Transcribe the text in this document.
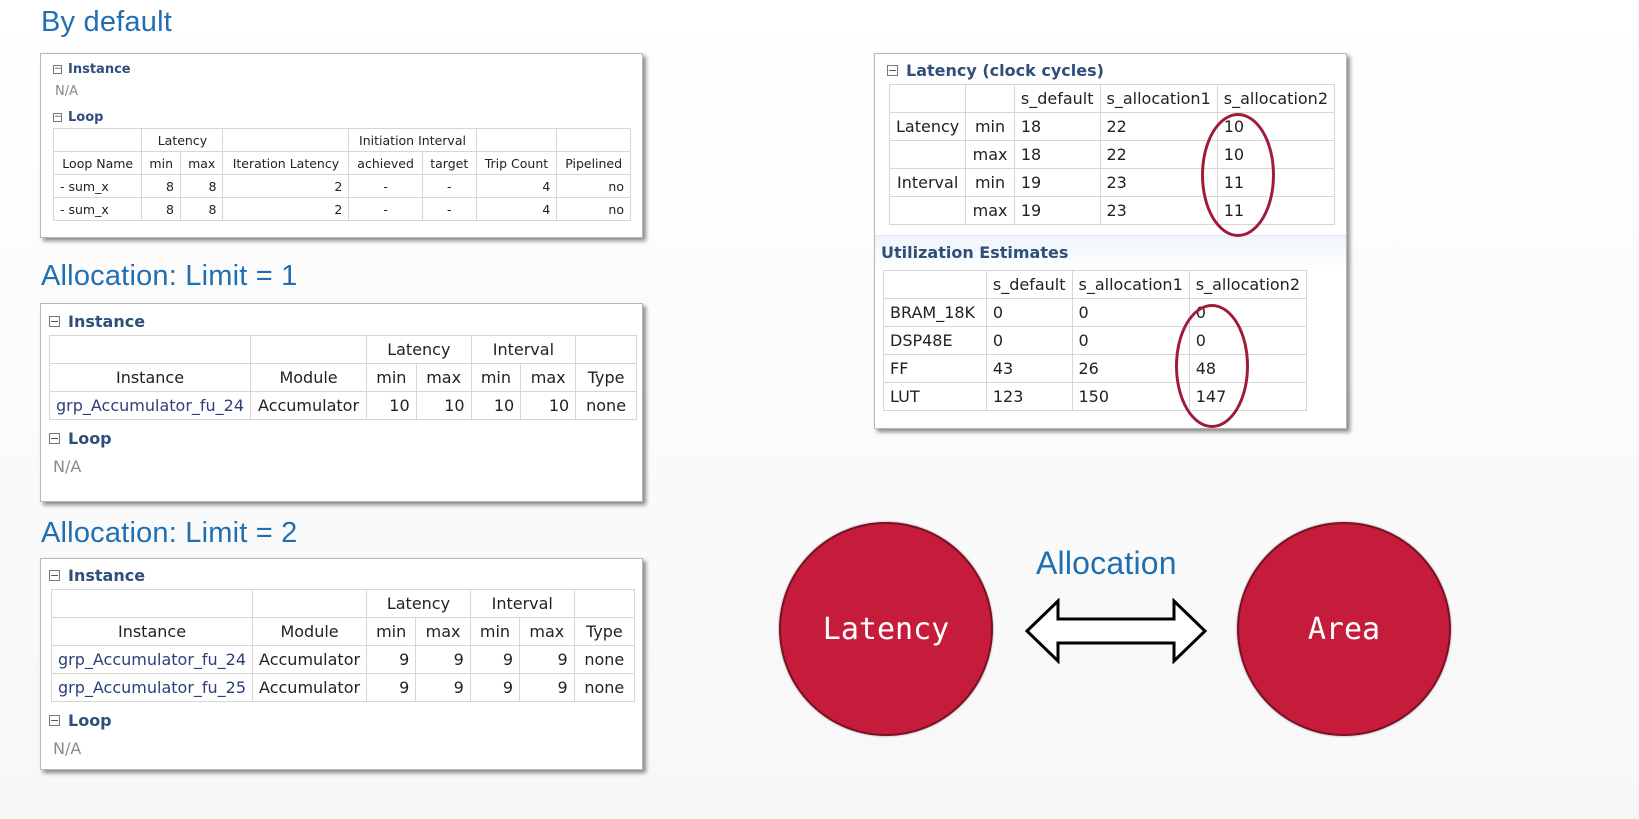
By default
− Instance
N/A
− Loop
	Latency			Initiation Interval			
Loop Name	min	max	Iteration Latency	achieved	target	Trip Count	Pipelined
- sum_x	8	8	2	-	-	4	no
- sum_x	8	8	2	-	-	4	no
Allocation: Limit = 1
− Instance
		Latency		Interval		
Instance	Module	min	max	min	max	Type
grp_Accumulator_fu_24	Accumulator	10	10	10	10	none
− Loop
N/A
Allocation: Limit = 2
− Instance
		Latency		Interval		
Instance	Module	min	max	min	max	Type
grp_Accumulator_fu_24	Accumulator	9	9	9	9	none
grp_Accumulator_fu_25	Accumulator	9	9	9	9	none
− Loop
N/A
− Latency (clock cycles)
		s_default	s_allocation1	s_allocation2
Latency	min	18	22	10
	max	18	22	10
Interval	min	19	23	11
	max	19	23	11
Utilization Estimates
	s_default	s_allocation1	s_allocation2
BRAM_18K	0	0	0
DSP48E	0	0	0
FF	43	26	48
LUT	123	150	147
Allocation
Latency	Area
